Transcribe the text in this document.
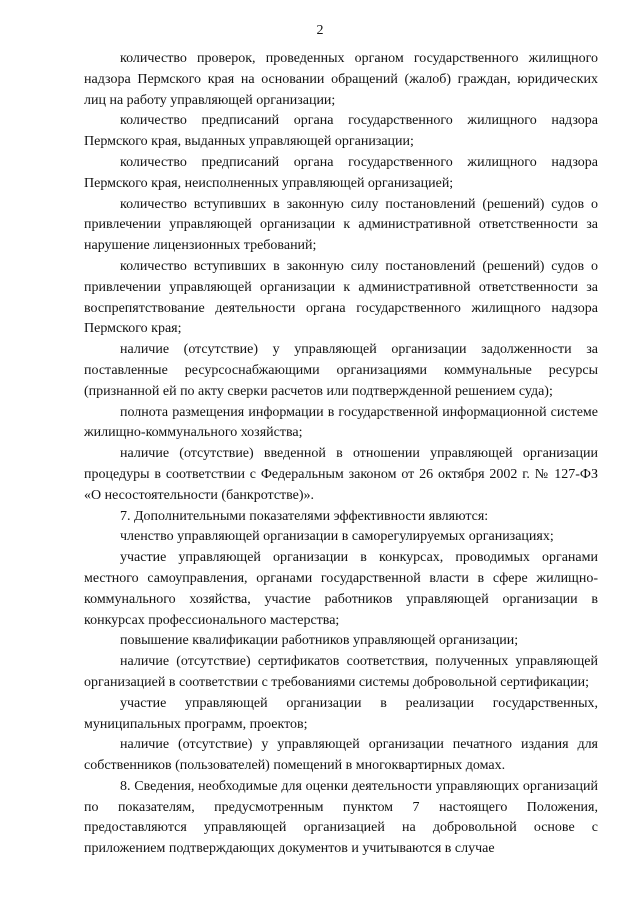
2

количество проверок, проведенных органом государственного жилищного надзора Пермского края на основании обращений (жалоб) граждан, юридических лиц на работу управляющей организации;

количество предписаний органа государственного жилищного надзора Пермского края, выданных управляющей организации;

количество предписаний органа государственного жилищного надзора Пермского края, неисполненных управляющей организацией;

количество вступивших в законную силу постановлений (решений) судов о привлечении управляющей организации к административной ответственности за нарушение лицензионных требований;

количество вступивших в законную силу постановлений (решений) судов о привлечении управляющей организации к административной ответственности за воспрепятствование деятельности органа государственного жилищного надзора Пермского края;

наличие (отсутствие) у управляющей организации задолженности за поставленные ресурсоснабжающими организациями коммунальные ресурсы (признанной ей по акту сверки расчетов или подтвержденной решением суда);

полнота размещения информации в государственной информационной системе жилищно-коммунального хозяйства;

наличие (отсутствие) введенной в отношении управляющей организации процедуры в соответствии с Федеральным законом от 26 октября 2002 г. № 127-ФЗ «О несостоятельности (банкротстве)».

7. Дополнительными показателями эффективности являются:

членство управляющей организации в саморегулируемых организациях;

участие управляющей организации в конкурсах, проводимых органами местного самоуправления, органами государственной власти в сфере жилищно-коммунального хозяйства, участие работников управляющей организации в конкурсах профессионального мастерства;

повышение квалификации работников управляющей организации;

наличие (отсутствие) сертификатов соответствия, полученных управляющей организацией в соответствии с требованиями системы добровольной сертификации;

участие управляющей организации в реализации государственных, муниципальных программ, проектов;

наличие (отсутствие) у управляющей организации печатного издания для собственников (пользователей) помещений в многоквартирных домах.

8. Сведения, необходимые для оценки деятельности управляющих организаций по показателям, предусмотренным пунктом 7 настоящего Положения, предоставляются управляющей организацией на добровольной основе с приложением подтверждающих документов и учитываются в случае
